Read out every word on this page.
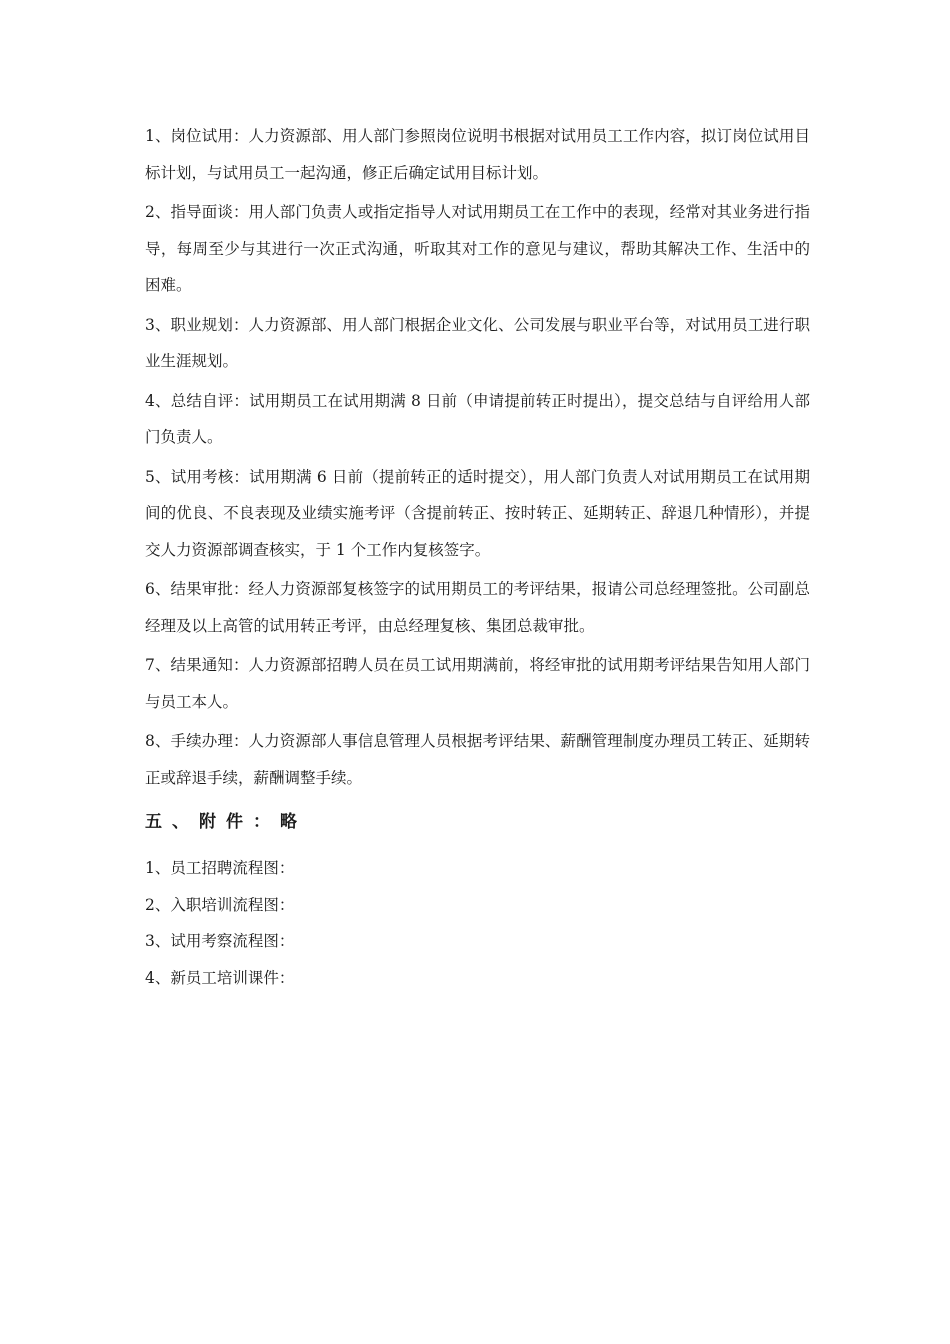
1、岗位试用：人力资源部、用人部门参照岗位说明书根据对试用员工工作内容，拟订岗位试用目标计划，与试用员工一起沟通，修正后确定试用目标计划。

2、指导面谈：用人部门负责人或指定指导人对试用期员工在工作中的表现，经常对其业务进行指导，每周至少与其进行一次正式沟通，听取其对工作的意见与建议，帮助其解决工作、生活中的困难。

3、职业规划：人力资源部、用人部门根据企业文化、公司发展与职业平台等，对试用员工进行职业生涯规划。

4、总结自评：试用期员工在试用期满 8 日前（申请提前转正时提出），提交总结与自评给用人部门负责人。

5、试用考核：试用期满 6 日前（提前转正的适时提交），用人部门负责人对试用期员工在试用期间的优良、不良表现及业绩实施考评（含提前转正、按时转正、延期转正、辞退几种情形），并提交人力资源部调查核实，于 1 个工作内复核签字。

6、结果审批：经人力资源部复核签字的试用期员工的考评结果，报请公司总经理签批。公司副总经理及以上高管的试用转正考评，由总经理复核、集团总裁审批。

7、结果通知：人力资源部招聘人员在员工试用期满前，将经审批的试用期考评结果告知用人部门与员工本人。

8、手续办理：人力资源部人事信息管理人员根据考评结果、薪酬管理制度办理员工转正、延期转正或辞退手续，薪酬调整手续。

五、附件：略

1、员工招聘流程图：

2、入职培训流程图：

3、试用考察流程图：

4、新员工培训课件：
